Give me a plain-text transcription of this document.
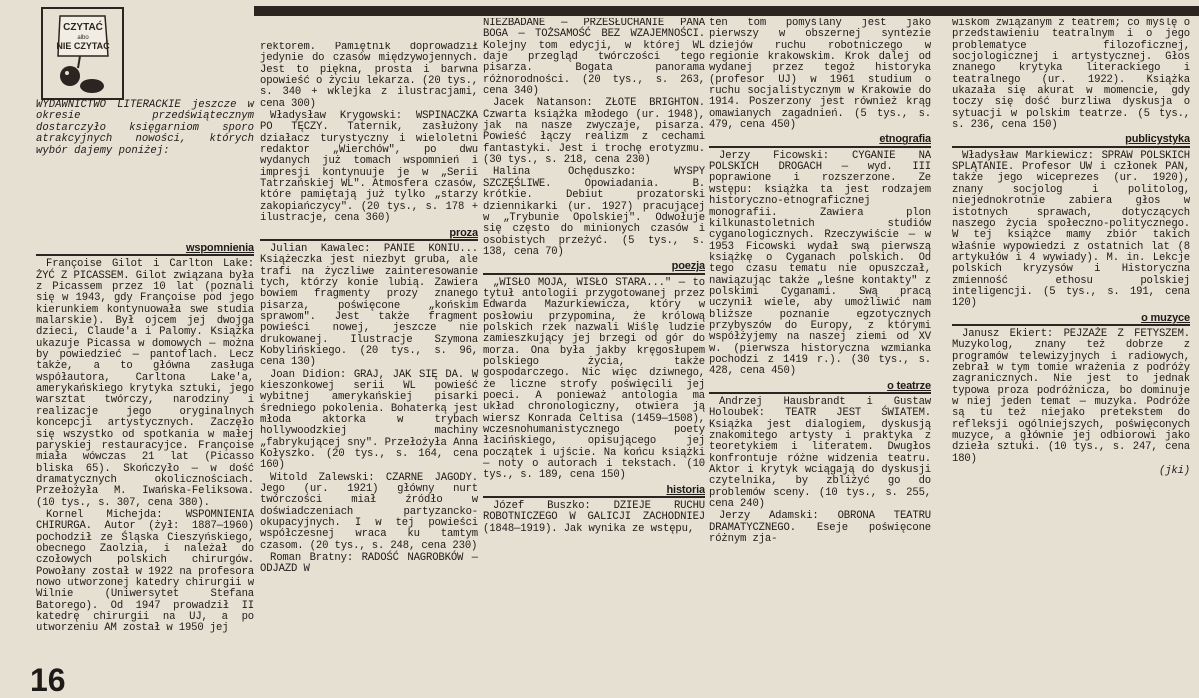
CZYTAĆ
albo
NIE CZYTAĆ
WYDAWNICTWO LITERACKIE jeszcze w okresie przedświątecznym dostarczyło księgarniom sporo atrakcyjnych nowości, których wybór dajemy poniżej:
wspomnienia

Françoise Gilot i Carlton Lake: ŻYĆ Z PICASSEM. Gilot związana była z Picassem przez 10 lat (poznali się w 1943, gdy Françoise pod jego kierunkiem kontynuowała swe studia malarskie). Był ojcem jej dwojga dzieci, Claude'a i Palomy. Książka ukazuje Picassa w domowych — można by powiedzieć — pantoflach. Lecz także, a to główna zasługa współautora, Carltona Lake'a, amerykańskiego krytyka sztuki, jego warsztat twórczy, narodziny i realizacje jego oryginalnych koncepcji artystycznych. Zaczęło się wszystko od spotkania w małej paryskiej restauracyjce. Françoise miała wówczas 21 lat (Picasso bliska 65). Skończyło — w dość dramatycznych okolicznościach. Przełożyła M. Iwańska-Feliksowa. (10 tys., s. 307, cena 380).

Kornel Michejda: WSPOMNIENIA CHIRURGA. Autor (żył: 1887—1960) pochodził ze Śląska Cieszyńskiego, obecnego Zaolzia, i należał do czołowych polskich chirurgów. Powołany został w 1922 na profesora nowo utworzonej katedry chirurgii w Wilnie (Uniwersytet Stefana Batorego). Od 1947 prowadził II katedrę chirurgii na UJ, a po utworzeniu AM został w 1950 jej

rektorem. Pamiętnik doprowadził jedynie do czasów międzywojennych. Jest to piękna, prosta i barwna opowieść o życiu lekarza. (20 tys., s. 340 + wklejka z ilustracjami, cena 300)

Władysław Krygowski: WSPINACZKA PO TĘCZY. Taternik, zasłużony działacz turystyczny i wieloletni redaktor „Wierchów", po dwu wydanych już tomach wspomnień i impresji kontynuuje je w „Serii Tatrzańskiej WL". Atmosfera czasów, które pamiętają już tylko „starzy zakopiańczycy". (20 tys., s. 178 + ilustracje, cena 360)

proza

Julian Kawalec: PANIE KONIU... Książeczka jest niezbyt gruba, ale trafi na życzliwe zainteresowanie tych, którzy konie lubią. Zawiera bowiem fragmenty prozy znanego pisarza, poświęcone „końskim sprawom". Jest także fragment powieści nowej, jeszcze nie drukowanej. Ilustracje Szymona Kobylińskiego. (20 tys., s. 96, cena 130)

Joan Didion: GRAJ, JAK SIĘ DA. W kieszonkowej serii WL powieść wybitnej amerykańskiej pisarki średniego pokolenia. Bohaterką jest młoda aktorka w trybach hollywoodzkiej machiny „fabrykującej sny". Przełożyła Anna Kołyszko. (20 tys., s. 164, cena 160)

Witold Zalewski: CZARNE JAGODY. Jego (ur. 1921) główny nurt twórczości miał źródło w doświadczeniach partyzancko-okupacyjnych. I w tej powieści współczesnej wraca ku tamtym czasom. (20 tys., s. 248, cena 230)

Roman Bratny: RADOŚĆ NAGROBKÓW — ODJAZD W

NIEZBADANE — PRZESŁUCHANIE PANA BOGA — TOŻSAMOŚĆ BEZ WZAJEMNOŚCI. Kolejny tom edycji, w której WL daje przegląd twórczości tego pisarza. Bogata panorama różnorodności. (20 tys., s. 263, cena 340)

Jacek Natanson: ZŁOTE BRIGHTON. Czwarta książka młodego (ur. 1948), jak na nasze zwyczaje, pisarza. Powieść łączy realizm z cechami fantastyki. Jest i trochę erotyzmu. (30 tys., s. 218, cena 230)

Halina Ochęduszko: WYSPY SZCZĘŚLIWE. Opowiadania. B. krótkie. Debiut prozatorski dziennikarki (ur. 1927) pracującej w „Trybunie Opolskiej". Odwołuje się często do minionych czasów i osobistych przeżyć. (5 tys., s. 138, cena 70)

poezja

„WISŁO MOJA, WISŁO STARA..." — to tytuł antologii przygotowanej przez Edwarda Mazurkiewicza, który w posłowiu przypomina, że królową polskich rzek nazwali Wiślę ludzie zamieszkujący jej brzegi od gór do morza. Ona była jakby kręgosłupem polskiego życia, także gospodarczego. Nic więc dziwnego, że liczne strofy poświęcili jej poeci. A ponieważ antologia ma układ chronologiczny, otwiera ją wiersz Konrada Celtisa (1459—1508), wczesnohumanistycznego poety łacińskiego, opisującego jej początek i ujście. Na końcu książki — noty o autorach i tekstach. (10 tys., s. 189, cena 150)

historia

Józef Buszko: DZIEJE RUCHU ROBOTNICZEGO W GALICJI ZACHODNIEJ (1848—1919). Jak wynika ze wstępu,

ten tom pomyślany jest jako pierwszy w obszernej syntezie dziejów ruchu robotniczego w regionie krakowskim. Krok dalej od wydanej przez tegoż historyka (profesor UJ) w 1961 studium o ruchu socjalistycznym w Krakowie do 1914. Poszerzony jest również krąg omawianych zagadnień. (5 tys., s. 479, cena 450)

etnografia

Jerzy Ficowski: CYGANIE NA POLSKICH DROGACH — wyd. III poprawione i rozszerzone. Ze wstępu: książka ta jest rodzajem historyczno-etnograficznej monografii. Zawiera plon kilkunastoletnich studiów cyganologicznych. Rzeczywiście — w 1953 Ficowski wydał swą pierwszą książkę o Cyganach polskich. Od tego czasu tematu nie opuszczał, nawiązując także „leśne kontakty" z polskimi Cyganami. Swą pracą uczynił wiele, aby umożliwić nam bliższe poznanie egzotycznych przybyszów do Europy, z którymi współżyjemy na naszej ziemi od XV w. (pierwsza historyczna wzmianka pochodzi z 1419 r.). (30 tys., s. 428, cena 450)

o teatrze

Andrzej Hausbrandt i Gustaw Holoubek: TEATR JEST ŚWIATEM. Książka jest dialogiem, dyskusją znakomitego artysty i praktyka z teoretykiem i literatem. Dwugłos konfrontuje różne widzenia teatru. Aktor i krytyk wciągają do dyskusji czytelnika, by zbliżyć go do problemów sceny. (10 tys., s. 255, cena 240)

Jerzy Adamski: OBRONA TEATRU DRAMATYCZNEGO. Eseje poświęcone różnym zja-

wiskom związanym z teatrem; co myślę o przedstawieniu teatralnym i o jego problematyce filozoficznej, socjologicznej i artystycznej. Głos znanego krytyka literackiego i teatralnego (ur. 1922). Książka ukazała się akurat w momencie, gdy toczy się dość burzliwa dyskusja o sytuacji w polskim teatrze. (5 tys., s. 236, cena 150)

publicystyka

Władysław Markiewicz: SPRAW POLSKICH SPLĄTANIE. Profesor UW i członek PAN, także jego wiceprezes (ur. 1920), znany socjolog i politolog, niejednokrotnie zabiera głos w istotnych sprawach, dotyczących naszego życia społeczno-politycznego. W tej książce mamy zbiór takich właśnie wypowiedzi z ostatnich lat (8 artykułów i 4 wywiady). M. in. Lekcje polskich kryzysów i Historyczna zmienność ethosu polskiej inteligencji. (5 tys., s. 191, cena 120)

o muzyce

Janusz Ekiert: PEJZAŻE Z FETYSZEM. Muzykolog, znany też dobrze z programów telewizyjnych i radiowych, zebrał w tym tomie wrażenia z podróży zagranicznych. Nie jest to jednak typowa proza podróżnicza, bo dominuje w niej jeden temat — muzyka. Podróże są tu też niejako pretekstem do refleksji ogólniejszych, poświęconych muzyce, a głównie jej odbiorowi jako dzieła sztuki. (10 tys., s. 247, cena 180)

(jki)

16
